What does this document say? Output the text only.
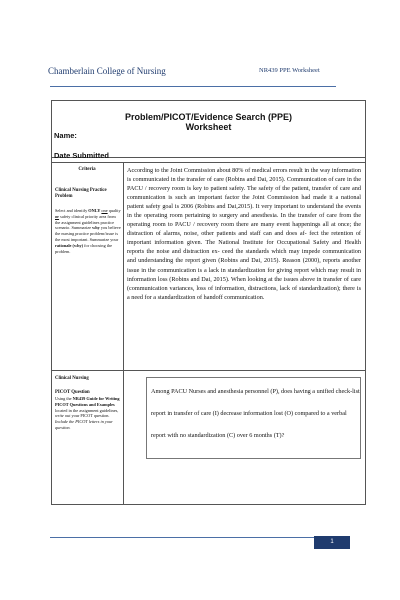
Chamberlain College of Nursing	NR439 PPE Worksheet
Problem/PICOT/Evidence Search (PPE)
Worksheet
Name:
Date Submitted
Criteria
Clinical Nursing Practice Problem
Select and identify ONLY one quality or safety clinical priority area from the assignment guidelines practice scenario. Summarize why you believe the nursing practice problem/issue is the most important. Summarize your rationale (why) for choosing the problem.
Clinical Nursing
PICOT Question
Using the NR439 Guide for Writing PICOT Questions and Examples located in the assignment guidelines, write out your PICOT question. Include the PICOT letters in your question.
According to the Joint Commission about 80% of medical errors result in the way information is communicated in the transfer of care (Robins and Dai, 2015). Communication of care in the PACU / recovery room is key to patient safety. The safety of the patient, transfer of care and communication is such an important factor the Joint Commission had made it a national patient safety goal is 2006 (Robins and Dai,2015). It very important to understand the events in the operating room pertaining to surgery and anesthesia. In the transfer of care from the operating room to PACU / recovery room there are many event happenings all at once; the distraction of alarms, noise, other patients and staff can and does af- fect the retention of important information given. The National Institute for Occupational Safety and Health reports the noise and distraction ex- ceed the standards which may impede communication and understanding the report given (Robins and Dai, 2015). Reason (2000), reports another issue in the communication is a lack in standardization for giving report which may result in information loss (Robins and Dai, 2015). When looking at the issues above in transfer of care (communication variances, loss of information, distractions, lack of standardization); there is a need for a standardization of handoff communication.
Among PACU Nurses and anesthesia personnel (P), does having a unified check-list report in transfer of care (I) decrease information lost (O) compared to a verbal report with no standardization (C) over 6 months (T)?
1
